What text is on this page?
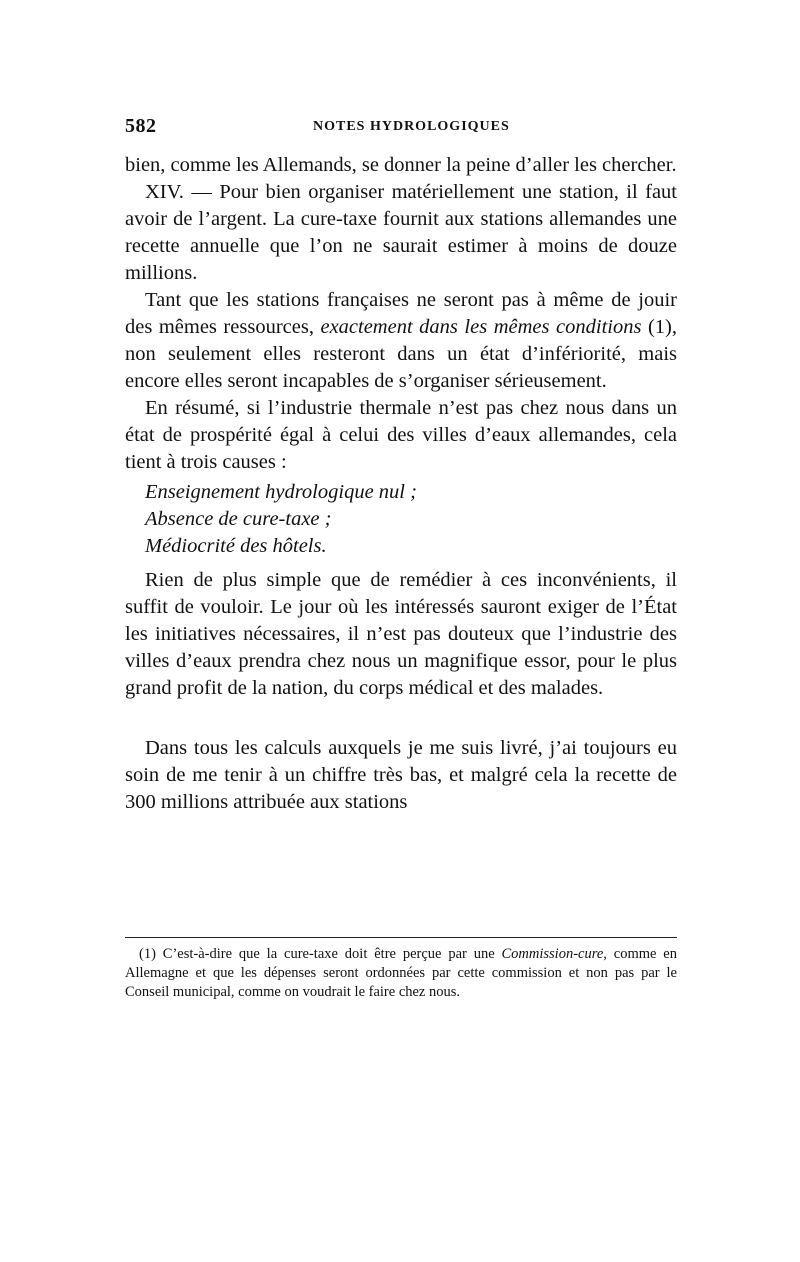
582	NOTES HYDROLOGIQUES

bien, comme les Allemands, se donner la peine d’aller les chercher.

XIV. — Pour bien organiser matériellement une station, il faut avoir de l’argent. La cure-taxe fournit aux stations allemandes une recette annuelle que l’on ne saurait estimer à moins de douze millions.

Tant que les stations françaises ne seront pas à même de jouir des mêmes ressources, exactement dans les mêmes conditions (1), non seulement elles resteront dans un état d’infériorité, mais encore elles seront incapables de s’organiser sérieusement.

En résumé, si l’industrie thermale n’est pas chez nous dans un état de prospérité égal à celui des villes d’eaux allemandes, cela tient à trois causes :

Enseignement hydrologique nul ;
Absence de cure-taxe ;
Médiocrité des hôtels.

Rien de plus simple que de remédier à ces inconvénients, il suffit de vouloir. Le jour où les intéressés sauront exiger de l’État les initiatives nécessaires, il n’est pas douteux que l’industrie des villes d’eaux prendra chez nous un magnifique essor, pour le plus grand profit de la nation, du corps médical et des malades.

Dans tous les calculs auxquels je me suis livré, j’ai toujours eu soin de me tenir à un chiffre très bas, et malgré cela la recette de 300 millions attribuée aux stations

(1) C’est-à-dire que la cure-taxe doit être perçue par une Commission-cure, comme en Allemagne et que les dépenses seront ordonnées par cette commission et non pas par le Conseil municipal, comme on voudrait le faire chez nous.
